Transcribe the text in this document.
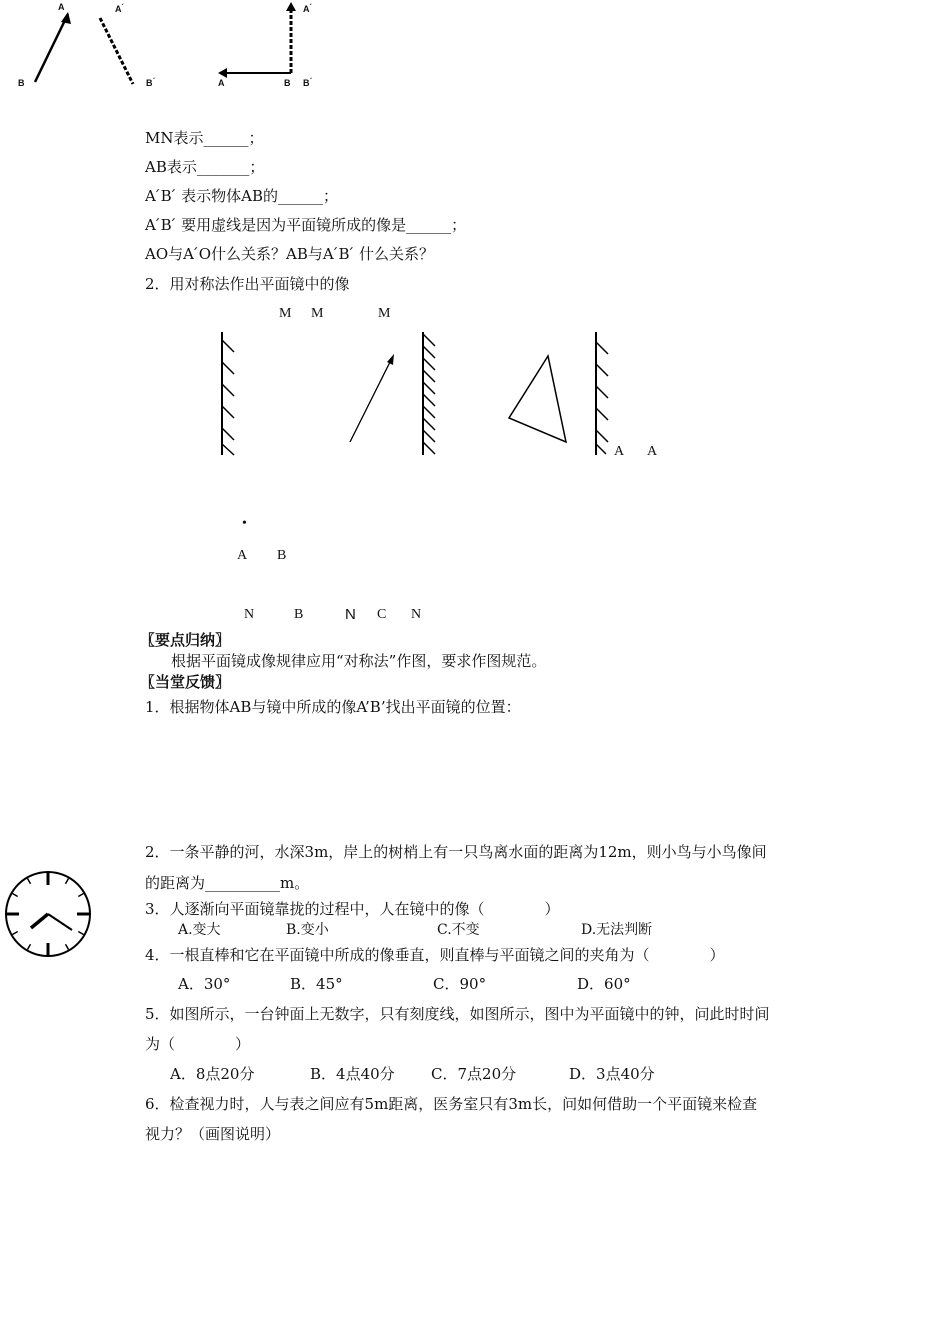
A
B
A ́
B ́	A	B B ́
A ́
MN表示______；
AB表示_______；
A ́B ́ 表示物体AB的______；
A ́B ́ 要用虚线是因为平面镜所成的像是______；
AO与A ́O什么关系？AB与A ́B ́ 什么关系？
2．用对称法作出平面镜中的像
M M	M
A A
•
A B
N	B	N C N
〖要点归纳〗
根据平面镜成像规律应用“对称法”作图，要求作图规范。
〖当堂反馈〗
1．根据物体AB与镜中所成的像A’B’找出平面镜的位置：
2．一条平静的河，水深3m，岸上的树梢上有一只鸟离水面的距离为12m，则小鸟与小鸟像间
的距离为__________m。
3．人逐渐向平面镜靠拢的过程中，人在镜中的像（　　　　）
A.变大	B.变小	C.不变	D.无法判断
4．一根直棒和它在平面镜中所成的像垂直，则直棒与平面镜之间的夹角为（　　　　）
A．30°	B．45°	C．90°	D．60°
5．如图所示，一台钟面上无数字，只有刻度线，如图所示，图中为平面镜中的钟，问此时时间
为（　　　　）
A．8点20分	B．4点40分 C．7点20分	D．3点40分
6．检查视力时，人与表之间应有5m距离，医务室只有3m长，问如何借助一个平面镜来检查
视力？（画图说明）
